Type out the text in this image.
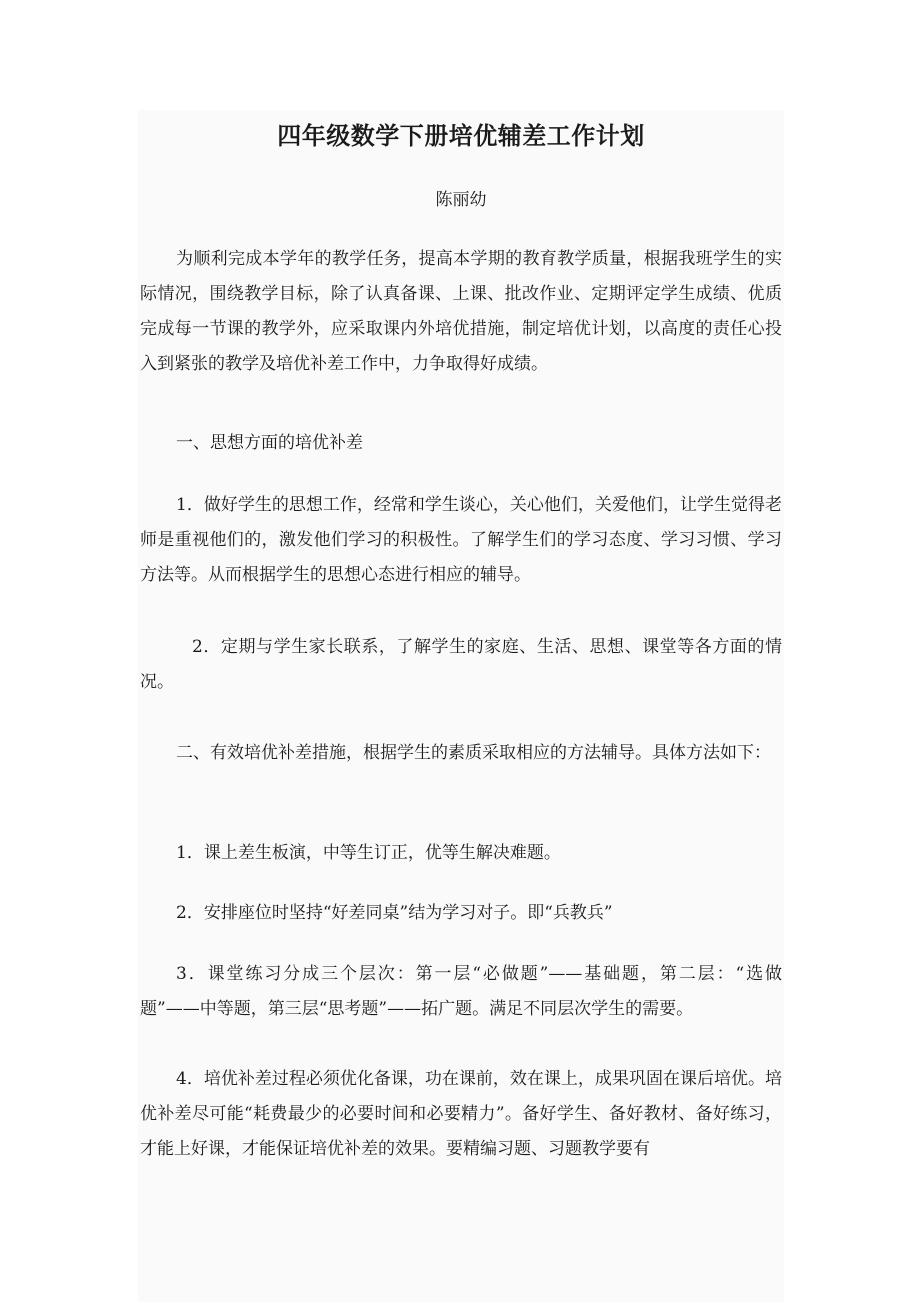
四年级数学下册培优辅差工作计划

陈丽幼

为顺利完成本学年的教学任务，提高本学期的教育教学质量，根据我班学生的实际情况，围绕教学目标，除了认真备课、上课、批改作业、定期评定学生成绩、优质完成每一节课的教学外，应采取课内外培优措施，制定培优计划，以高度的责任心投入到紧张的教学及培优补差工作中，力争取得好成绩。

一、思想方面的培优补差

1．做好学生的思想工作，经常和学生谈心，关心他们，关爱他们，让学生觉得老师是重视他们的，激发他们学习的积极性。了解学生们的学习态度、学习习惯、学习方法等。从而根据学生的思想心态进行相应的辅导。

2．定期与学生家长联系，了解学生的家庭、生活、思想、课堂等各方面的情况。

二、有效培优补差措施，根据学生的素质采取相应的方法辅导。具体方法如下：

1．课上差生板演，中等生订正，优等生解决难题。

2．安排座位时坚持“好差同桌”结为学习对子。即“兵教兵”

3．课堂练习分成三个层次：第一层“必做题”——基础题，第二层：“选做题”——中等题，第三层“思考题”——拓广题。满足不同层次学生的需要。

4．培优补差过程必须优化备课，功在课前，效在课上，成果巩固在课后培优。培优补差尽可能“耗费最少的必要时间和必要精力”。备好学生、备好教材、备好练习，才能上好课，才能保证培优补差的效果。要精编习题、习题教学要有
